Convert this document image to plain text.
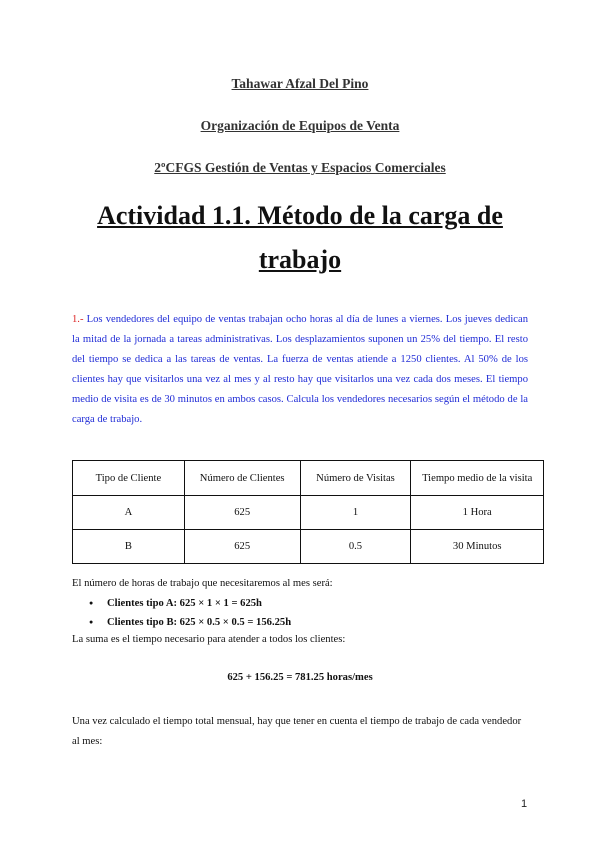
Tahawar Afzal Del Pino
Organización de Equipos de Venta
2ºCFGS Gestión de Ventas y Espacios Comerciales
Actividad 1.1. Método de la carga de
trabajo

1.- Los vendedores del equipo de ventas trabajan ocho horas al día de lunes a viernes. Los jueves dedican la mitad de la jornada a tareas administrativas. Los desplazamientos suponen un 25% del tiempo. El resto del tiempo se dedica a las tareas de ventas. La fuerza de ventas atiende a 1250 clientes. Al 50% de los clientes hay que visitarlos una vez al mes y al resto hay que visitarlos una vez cada dos meses. El tiempo medio de visita es de 30 minutos en ambos casos. Calcula los vendedores necesarios según el método de la carga de trabajo.

Tipo de Cliente	Número de Clientes	Número de Visitas	Tiempo medio de la visita
A	625	1	1 Hora
B	625	0.5	30 Minutos

El número de horas de trabajo que necesitaremos al mes será:

● Clientes tipo A: 625 × 1 × 1 = 625h
● Clientes tipo B: 625 × 0.5 × 0.5 = 156.25h

La suma es el tiempo necesario para atender a todos los clientes:

625 + 156.25 = 781.25 horas/mes

Una vez calculado el tiempo total mensual, hay que tener en cuenta el tiempo de trabajo de cada vendedor al mes:

1
